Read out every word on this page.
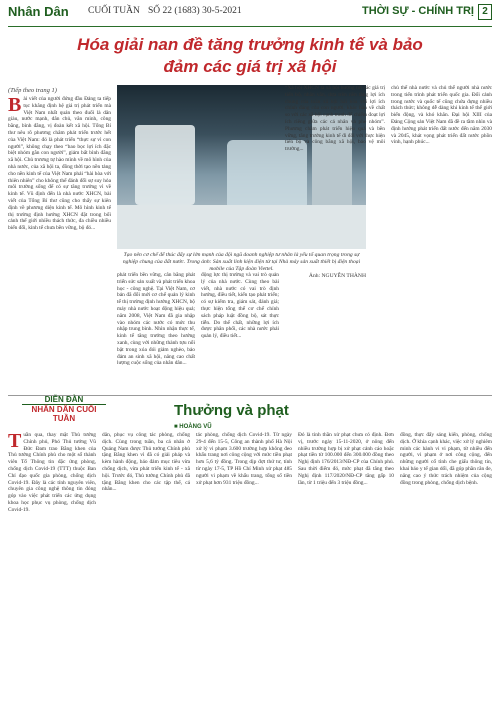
Nhân Dân CUỐI TUẦN SỐ 22 (1683) 30-5-2021	THỜI SỰ - CHÍNH TRỊ 2
Hóa giải nan đề tăng trưởng kinh tế và bảo đảm các giá trị xã hội
(Tiếp theo trang 1)
Bài viết của người đứng đầu Đảng ta tiếp tục khẳng định hệ giá trị phát triển mà Việt Nam nhất quán theo đuổi là dân giàu, nước mạnh, dân chủ, văn minh, công bằng, bình đẳng, vị đoàn kết xã hội. Tổng Bí thư nêu rõ phương châm phát triển trước hết của Việt Nam: đó là phát triển “thực sự vì con người”, không chạy theo “bao bọc lợi ích đặc biệt nhóm gắn con người”, giảm bất bình đẳng xã hội. Chủ trương tự hào mình về mô hình của nhà nước, của xã hội ta, đồng thời tạo nền tảng cho nền kinh tế của Việt Nam phải “hài hòa với thiên nhiên” cho không thể đánh đổi sự suy hỏa môi trường sống để có sự tăng trưởng vì về kinh tế. Vũ định đến là nhà nước XHCN, bài viết của Tổng Bí thư cũng cho thấy sự kiên định về phương diện kinh tế. Mô hình kinh tế thị trường định hướng XHCN đặt trong bối cảnh thế giới nhiều thách thức, đa chiều nhiều biến đổi, kinh tế chưa bền vững, bộ đó...
Tạo nên cơ chế để thúc đẩy sự lớn mạnh của đội ngũ doanh nghiệp tư nhân là yếu tố quan trọng trong sự nghiệp chung của đất nước. Trong ảnh: Sản xuất linh kiện điện tử tại Nhà máy sản xuất thiết bị điện thoại mobile của Tập đoàn Viettel.

Ảnh: NGUYỄN THÀNH
phát triển bền vững, cân bằng phát triển sức sản xuất và phát triển khoa học - công nghệ. Tại Việt Nam, cơ bản đã đổi mới cơ chế quản lý kinh tế thị trường định hướng XHCN, bộ máy nhà nước hoạt động hiệu quả; năm 2008, Việt Nam đã gia nhập vào nhóm các nước có mức thu nhập trung bình. Nhìn nhận thực tế, kinh tế tăng trưởng theo hướng xanh, cùng với những thành tựu nổi bật trong xóa đói giảm nghèo, bảo đảm an sinh xã hội, nâng cao chất lượng cuộc sống của nhân dân...
động lực thị trường và vai trò quản lý của nhà nước. Cùng theo bài viết, nhà nước có vai trò định hướng, điều tiết, kiến tạo phát triển; có sự kiểm tra, giám sát, đánh giá; thực hiện tổng thể cơ chế chính sách pháp luật đồng bộ, sát thực tiễn. Do thế chất, những lợi ích được phân phối, các nhà nước phải quản lý, điều tiết...
“Xã hội XHCN là xã hội hướng tới các giá trị tiến bộ, nhân văn, dựa trên nền tảng lợi ích chung của toàn xã hội hài hòa với lợi ích chính đáng của con người, khác hẳn về chất so với các xã hội cạnh tranh để chiếm đoạt lợi ích riêng giữa các cá nhân và phe nhóm”. Phương châm phát triển hiệu quả và bền vững, tăng trưởng kinh tế đi đôi với thực hiện tiến bộ và công bằng xã hội, bảo vệ môi trường...
chủ thể nhà nước và chủ thể người nhà nước trong tiến trình phát triển quốc gia. Đối cảnh trong nước và quốc tế cũng chứa đựng nhiều thách thức; không dễ dàng khi kinh tế thế giới biến động, và khó khăn. Đại hội XIII của Đảng Cộng sản Việt Nam đã đề ra tầm nhìn và định hướng phát triển đất nước đến năm 2030 và 2045, khát vọng phát triển đất nước phồn vinh, hạnh phúc...
DIỄN ĐÀN
NHÂN DÂN CUỐI TUẦN	Thưởng và phạt
■ HOÀNG VŨ
Tuần qua, thay mặt Thủ tướng Chính phủ, Phó Thủ tướng Vũ Đức Đam trao Bằng khen của Thủ tướng Chính phủ cho một số thành viên Tổ Thông tin đặc ứng phòng, chống dịch Covid-19 (TTT) thuộc Ban Chỉ đạo quốc gia phòng, chống dịch Covid-19. Đây là các tính nguyên viên, chuyên gia công nghệ thông tin đóng góp vào việc phát triển các ứng dụng khoa học phục vụ phòng, chống dịch Covid-19.
dân, phục vụ công tác phòng, chống dịch. Cùng trong tuần, ba cá nhân ở Quảng Nam được Thủ tướng Chính phủ tặng Bằng khen vì đã có giải pháp và kèm hành động, báo đảm mục tiêu vừa chống dịch, vừa phát triển kinh tế - xã hội. Trước đó, Thủ tướng Chính phủ đã tặng Bằng khen cho các tập thể, cá nhân...
tác phòng, chống dịch Covid-19. Từ ngày 29-4 đến 15-5, Công an thành phố Hà Nội xử lý vi phạm 3.600 trường hợp không đeo khẩu trang nơi công cộng với mức tiền phạt hơn 5,6 tỷ đồng. Trong dịp đợt thứ tư, tính từ ngày 17-5, TP Hồ Chí Minh xử phạt 485 người vi phạm về khẩu trang, tổng số tiền xử phạt hơn 931 triệu đồng...
Đó là tinh thần xử phạt chưa có định. Đơn vị, trước ngày 15-11-2020, ở nông đến nhiều trường hợp bị xử phạt cảnh cáo hoặc phạt tiền từ 100.000 đến 300.000 đồng theo Nghị định 176/2013/NĐ-CP của Chính phủ. Sau thời điểm đó, mức phạt đã tăng theo Nghị định 117/2020/NĐ-CP tăng gấp 10 lần, từ 1 triệu đến 3 triệu đồng...
đồng, thực đẩy sáng kiến, phòng, chống dịch. Ở khía cạnh khác, việc xử lý nghiêm minh các hành vi vi phạm, từ nhiều đến người, vi phạm ở nơi công cộng, đến những người cố tình che giấu thông tin, khai báo y tế gian dối, đã góp phần răn đe, nâng cao ý thức trách nhiệm của cộng đồng trong phòng, chống dịch bệnh.
